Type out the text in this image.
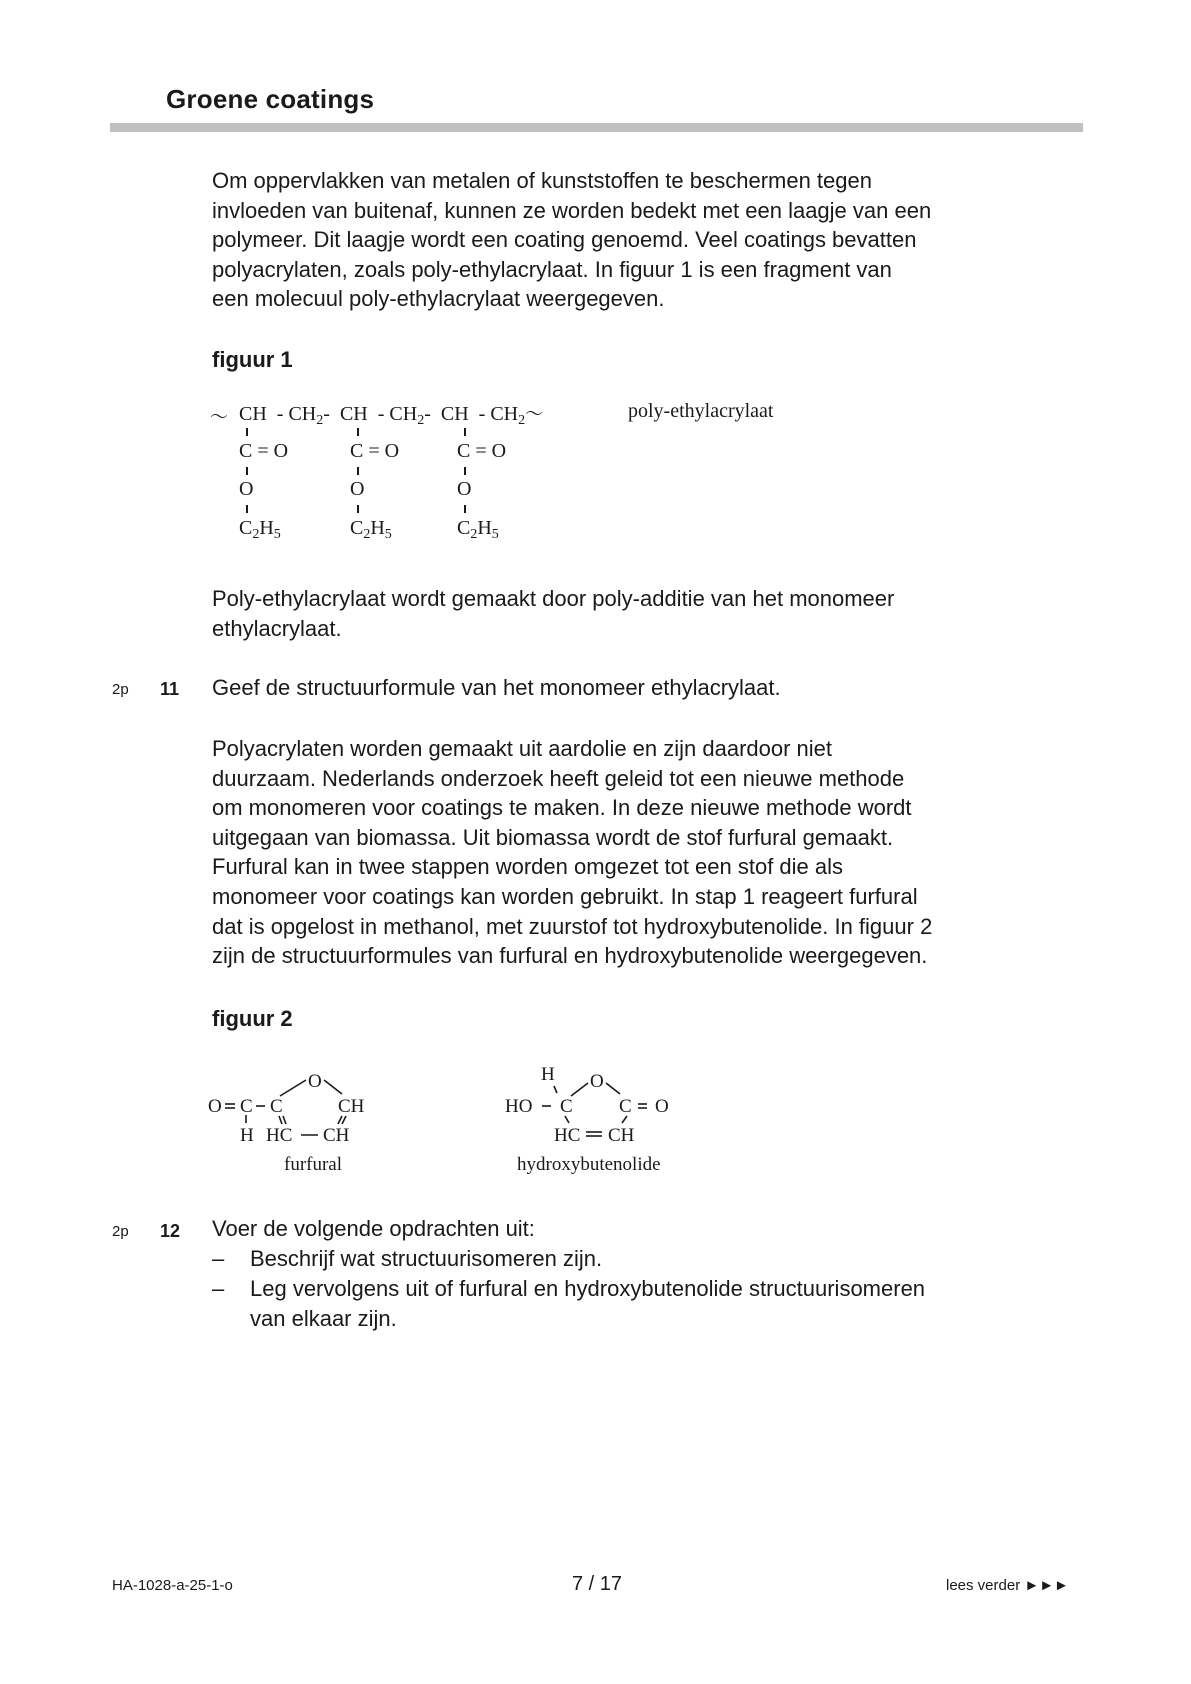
Groene coatings
Om oppervlakken van metalen of kunststoffen te beschermen tegen
invloeden van buitenaf, kunnen ze worden bedekt met een laagje van een
polymeer. Dit laagje wordt een coating genoemd. Veel coatings bevatten
polyacrylaten, zoals poly-ethylacrylaat. In figuur 1 is een fragment van
een molecuul poly-ethylacrylaat weergegeven.
figuur 1
〜 CH  - $CH_2-$  CH  - $CH_2-$  CH  - $CH_2$〜
C = O
O
$C_2H_5$
C = O
O
$C_2H_5$
C = O
O
$C_2H_5$
poly-ethylacrylaat
Poly-ethylacrylaat wordt gemaakt door poly-additie van het monomeer
ethylacrylaat.
2p 11 Geef de structuurformule van het monomeer ethylacrylaat.
Polyacrylaten worden gemaakt uit aardolie en zijn daardoor niet
duurzaam. Nederlands onderzoek heeft geleid tot een nieuwe methode
om monomeren voor coatings te maken. In deze nieuwe methode wordt
uitgegaan van biomassa. Uit biomassa wordt de stof furfural gemaakt.
Furfural kan in twee stappen worden omgezet tot een stof die als
monomeer voor coatings kan worden gebruikt. In stap 1 reageert furfural
dat is opgelost in methanol, met zuurstof tot hydroxybutenolide. In figuur 2
zijn de structuurformules van furfural en hydroxybutenolide weergegeven.
figuur 2
O C C
O
CH
H HC CH
furfural
H
HO C
O
C O
HC CH
hydroxybutenolide
2p 12 Voer de volgende opdrachten uit:
– Beschrijf wat structuurisomeren zijn.
– Leg vervolgens uit of furfural en hydroxybutenolide structuurisomeren
van elkaar zijn.
HA-1028-a-25-1-o	7 / 17	lees verder ►►►
